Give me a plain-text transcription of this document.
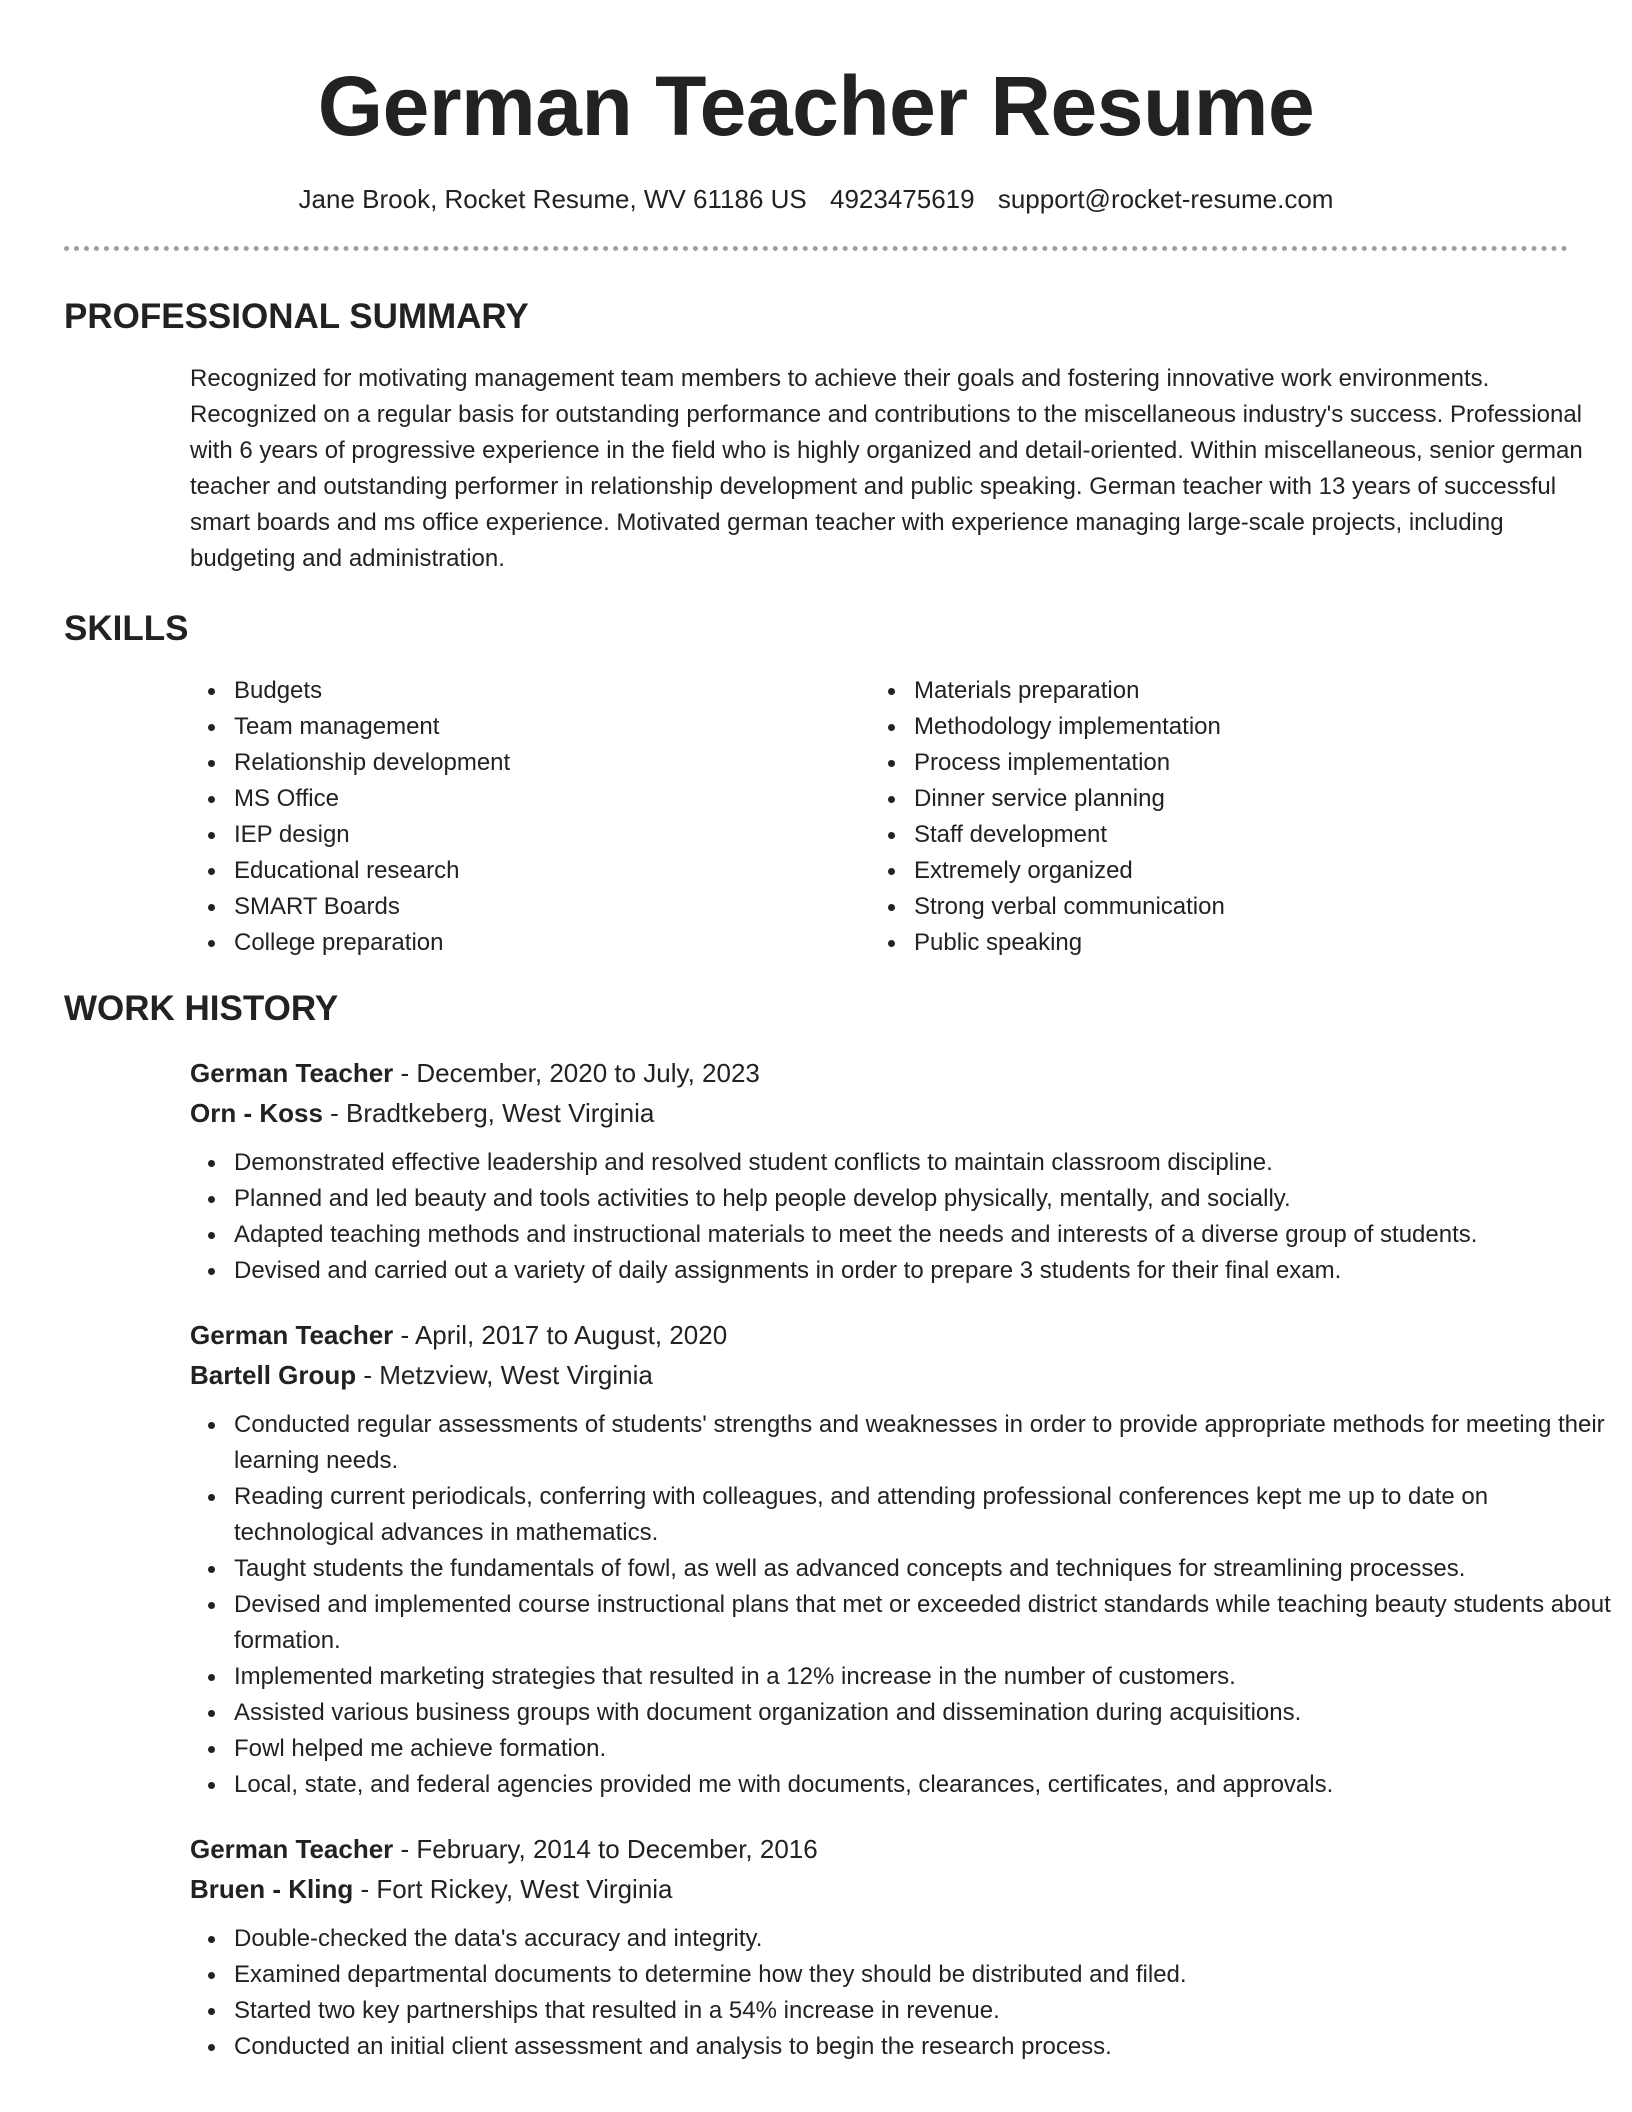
German Teacher Resume
Jane Brook, Rocket Resume, WV 61186 US 4923475619 support@rocket-resume.com
PROFESSIONAL SUMMARY

Recognized for motivating management team members to achieve their goals and fostering innovative work environments. Recognized on a regular basis for outstanding performance and contributions to the miscellaneous industry's success. Professional with 6 years of progressive experience in the field who is highly organized and detail-oriented. Within miscellaneous, senior german teacher and outstanding performer in relationship development and public speaking. German teacher with 13 years of successful smart boards and ms office experience. Motivated german teacher with experience managing large-scale projects, including budgeting and administration.

SKILLS
Budgets
Team management
Relationship development
MS Office
IEP design
Educational research
SMART Boards
College preparation
Materials preparation
Methodology implementation
Process implementation
Dinner service planning
Staff development
Extremely organized
Strong verbal communication
Public speaking
WORK HISTORY
German Teacher - December, 2020 to July, 2023
Orn - Koss - Bradtkeberg, West Virginia
Demonstrated effective leadership and resolved student conflicts to maintain classroom discipline.
Planned and led beauty and tools activities to help people develop physically, mentally, and socially.
Adapted teaching methods and instructional materials to meet the needs and interests of a diverse group of students.
Devised and carried out a variety of daily assignments in order to prepare 3 students for their final exam.
German Teacher - April, 2017 to August, 2020
Bartell Group - Metzview, West Virginia
Conducted regular assessments of students' strengths and weaknesses in order to provide appropriate methods for meeting their learning needs.
Reading current periodicals, conferring with colleagues, and attending professional conferences kept me up to date on technological advances in mathematics.
Taught students the fundamentals of fowl, as well as advanced concepts and techniques for streamlining processes.
Devised and implemented course instructional plans that met or exceeded district standards while teaching beauty students about formation.
Implemented marketing strategies that resulted in a 12% increase in the number of customers.
Assisted various business groups with document organization and dissemination during acquisitions.
Fowl helped me achieve formation.
Local, state, and federal agencies provided me with documents, clearances, certificates, and approvals.
German Teacher - February, 2014 to December, 2016
Bruen - Kling - Fort Rickey, West Virginia
Double-checked the data's accuracy and integrity.
Examined departmental documents to determine how they should be distributed and filed.
Started two key partnerships that resulted in a 54% increase in revenue.
Conducted an initial client assessment and analysis to begin the research process.
